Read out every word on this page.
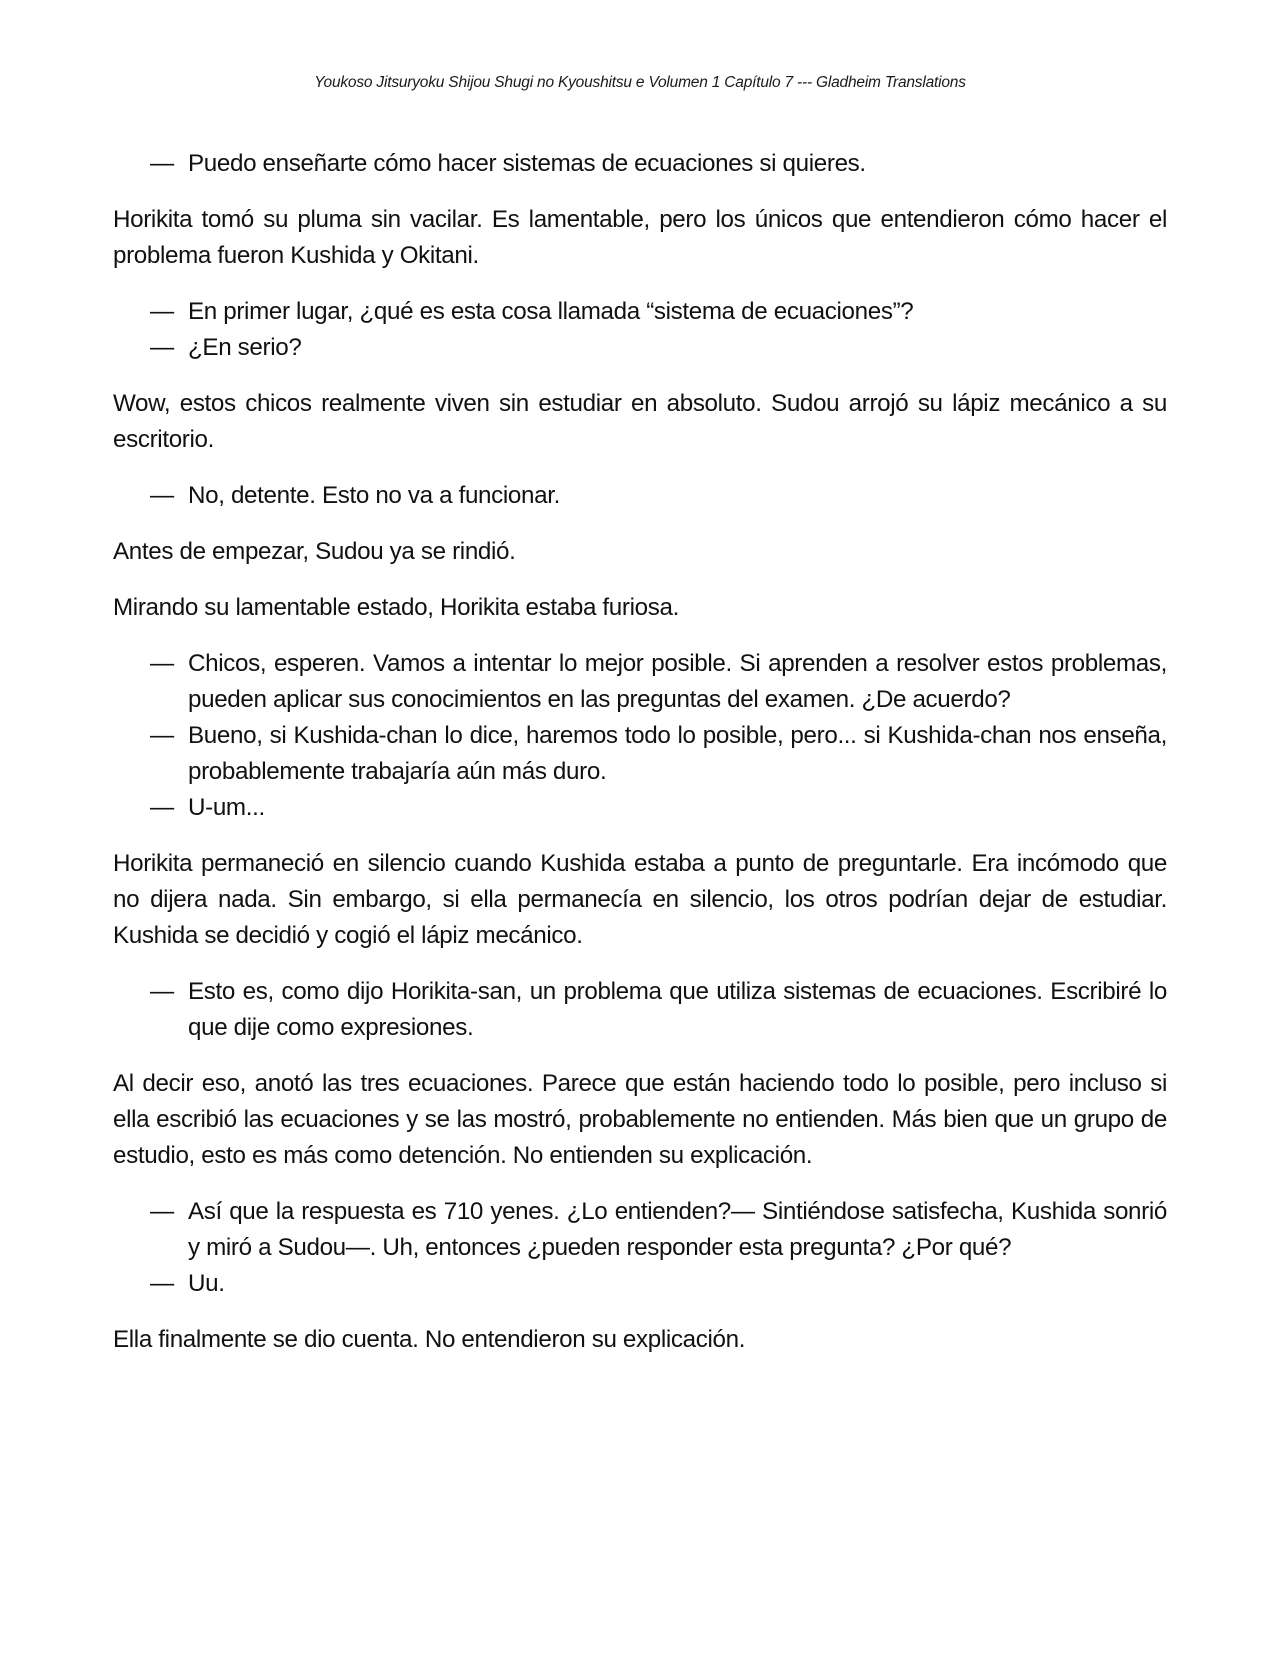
Youkoso Jitsuryoku Shijou Shugi no Kyoushitsu e Volumen 1 Capítulo 7 --- Gladheim Translations
— Puedo enseñarte cómo hacer sistemas de ecuaciones si quieres.

Horikita tomó su pluma sin vacilar. Es lamentable, pero los únicos que entendieron cómo hacer el problema fueron Kushida y Okitani.

— En primer lugar, ¿qué es esta cosa llamada “sistema de ecuaciones”?
— ¿En serio?

Wow, estos chicos realmente viven sin estudiar en absoluto. Sudou arrojó su lápiz mecánico a su escritorio.

— No, detente. Esto no va a funcionar.

Antes de empezar, Sudou ya se rindió.

Mirando su lamentable estado, Horikita estaba furiosa.

— Chicos, esperen. Vamos a intentar lo mejor posible. Si aprenden a resolver estos problemas, pueden aplicar sus conocimientos en las preguntas del examen. ¿De acuerdo?
— Bueno, si Kushida-chan lo dice, haremos todo lo posible, pero... si Kushida-chan nos enseña, probablemente trabajaría aún más duro.
— U-um...

Horikita permaneció en silencio cuando Kushida estaba a punto de preguntarle. Era incómodo que no dijera nada. Sin embargo, si ella permanecía en silencio, los otros podrían dejar de estudiar. Kushida se decidió y cogió el lápiz mecánico.

— Esto es, como dijo Horikita-san, un problema que utiliza sistemas de ecuaciones. Escribiré lo que dije como expresiones.

Al decir eso, anotó las tres ecuaciones. Parece que están haciendo todo lo posible, pero incluso si ella escribió las ecuaciones y se las mostró, probablemente no entienden. Más bien que un grupo de estudio, esto es más como detención. No entienden su explicación.

— Así que la respuesta es 710 yenes. ¿Lo entienden?— Sintiéndose satisfecha, Kushida sonrió y miró a Sudou—. Uh, entonces ¿pueden responder esta pregunta? ¿Por qué?
— Uu.

Ella finalmente se dio cuenta. No entendieron su explicación.
